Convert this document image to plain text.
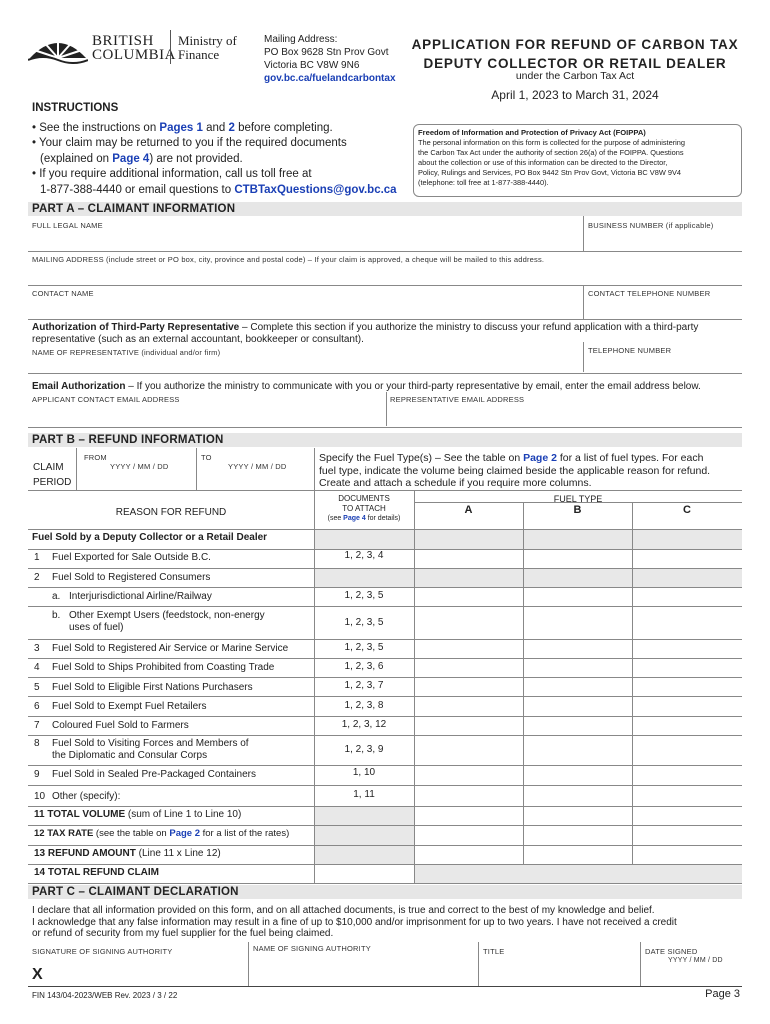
BRITISH
COLUMBIA
Ministry of
Finance
Mailing Address:
PO Box 9628 Stn Prov Govt
Victoria BC V8W 9N6
gov.bc.ca/fuelandcarbontax
APPLICATION FOR REFUND OF CARBON TAX
DEPUTY COLLECTOR OR RETAIL DEALER
under the Carbon Tax Act
April 1, 2023 to March 31, 2024
INSTRUCTIONS
• See the instructions on Pages 1 and 2 before completing.
• Your claim may be returned to you if the required documents
(explained on Page 4) are not provided.
• If you require additional information, call us toll free at
1-877-388-4440 or email questions to CTBTaxQuestions@gov.bc.ca
Freedom of Information and Protection of Privacy Act (FOIPPA)
The personal information on this form is collected for the purpose of administering
the Carbon Tax Act under the authority of section 26(a) of the FOIPPA. Questions
about the collection or use of this information can be directed to the Director,
Policy, Rulings and Services, PO Box 9442 Stn Prov Govt, Victoria BC V8W 9V4
(telephone: toll free at 1-877-388-4440).
PART A – CLAIMANT INFORMATION
FULL LEGAL NAME	BUSINESS NUMBER (if applicable)
MAILING ADDRESS (include street or PO box, city, province and postal code) – If your claim is approved, a cheque will be mailed to this address.
CONTACT NAME	CONTACT TELEPHONE NUMBER
Authorization of Third-Party Representative – Complete this section if you authorize the ministry to discuss your refund application with a third-party
representative (such as an external accountant, bookkeeper or consultant).
NAME OF REPRESENTATIVE (individual and/or firm)	TELEPHONE NUMBER
Email Authorization – If you authorize the ministry to communicate with you or your third-party representative by email, enter the email address below.
APPLICANT CONTACT EMAIL ADDRESS	REPRESENTATIVE EMAIL ADDRESS
PART B – REFUND INFORMATION
CLAIM
PERIOD
FROM
YYYY / MM / DD
TO
YYYY / MM / DD
Specify the Fuel Type(s) – See the table on Page 2 for a list of fuel types. For each
fuel type, indicate the volume being claimed beside the applicable reason for refund.
Create and attach a schedule if you require more columns.
REASON FOR REFUND
DOCUMENTS
TO ATTACH
(see Page 4 for details)
FUEL TYPE
A	B	C
Fuel Sold by a Deputy Collector or a Retail Dealer
1 Fuel Exported for Sale Outside B.C.	1, 2, 3, 4
2 Fuel Sold to Registered Consumers
a. Interjurisdictional Airline/Railway	1, 2, 3, 5
b. Other Exempt Users (feedstock, non-energy
uses of fuel)	1, 2, 3, 5
3 Fuel Sold to Registered Air Service or Marine Service	1, 2, 3, 5
4 Fuel Sold to Ships Prohibited from Coasting Trade	1, 2, 3, 6
5 Fuel Sold to Eligible First Nations Purchasers	1, 2, 3, 7
6 Fuel Sold to Exempt Fuel Retailers	1, 2, 3, 8
7 Coloured Fuel Sold to Farmers	1, 2, 3, 12
8 Fuel Sold to Visiting Forces and Members of
the Diplomatic and Consular Corps
1, 2, 3, 9
9 Fuel Sold in Sealed Pre-Packaged Containers	1, 10
10 Other (specify):	1, 11
11 TOTAL VOLUME (sum of Line 1 to Line 10)
12 TAX RATE (see the table on Page 2 for a list of the rates)
13 REFUND AMOUNT (Line 11 x Line 12)
14 TOTAL REFUND CLAIM
PART C – CLAIMANT DECLARATION
I declare that all information provided on this form, and on all attached documents, is true and correct to the best of my knowledge and belief.
I acknowledge that any false information may result in a fine of up to $10,000 and/or imprisonment for up to two years. I have not received a credit
or refund of security from my fuel supplier for the fuel being claimed.
SIGNATURE OF SIGNING AUTHORITY	NAME OF SIGNING AUTHORITY	TITLE	DATE SIGNED
YYYY / MM / DD
X
FIN 143/04-2023/WEB Rev. 2023 / 3 / 22	Page 3
